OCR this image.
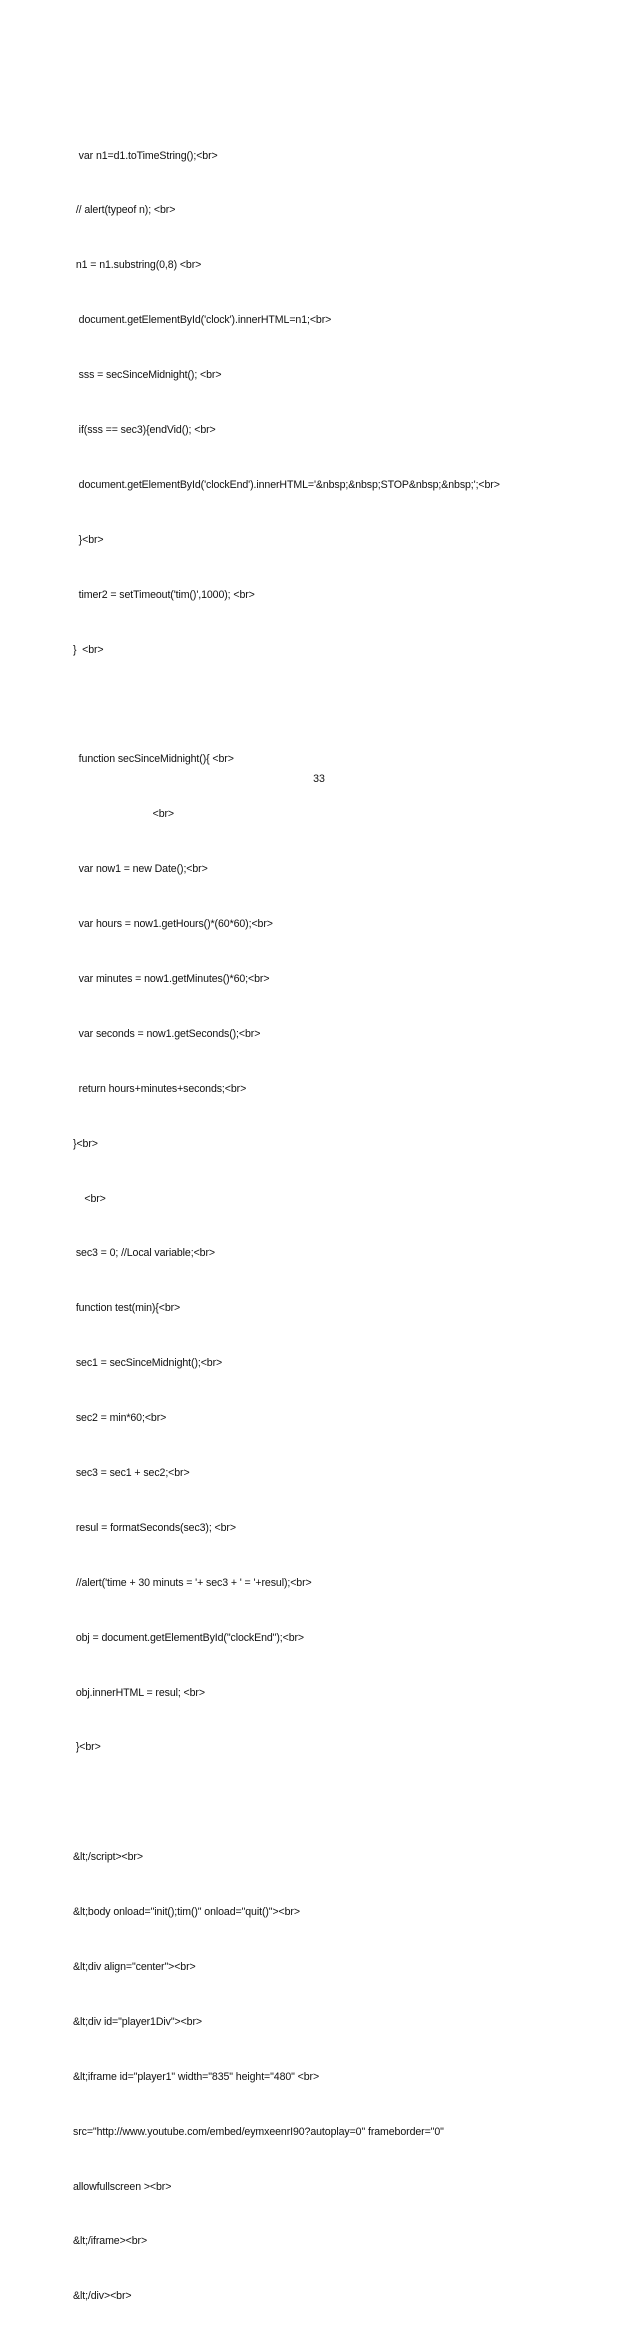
var n1=d1.toTimeString();<br>

// alert(typeof n); <br>

n1 = n1.substring(0,8) <br>

document.getElementById('clock').innerHTML=n1;<br>

sss = secSinceMidnight(); <br>

if(sss == sec3){endVid(); <br>

document.getElementById('clockEnd').innerHTML='&nbsp;&nbsp;STOP&nbsp;&nbsp;';<br>

}<br>

timer2 = setTimeout('tim()',1000); <br>

}  <br>

function secSinceMidnight(){ <br>

<br>

var now1 = new Date();<br>

var hours = now1.getHours()*(60*60);<br>

var minutes = now1.getMinutes()*60;<br>

var seconds = now1.getSeconds();<br>

return hours+minutes+seconds;<br>

}<br>

<br>

sec3 = 0; //Local variable;<br>

function test(min){<br>

sec1 = secSinceMidnight();<br>

sec2 = min*60;<br>

sec3 = sec1 + sec2;<br>

resul = formatSeconds(sec3); <br>

//alert('time + 30 minuts = '+ sec3 + ' = '+resul);<br>

obj = document.getElementById("clockEnd");<br>

obj.innerHTML = resul; <br>

}<br>

&lt;/script><br>

&lt;body onload="init();tim()" onload="quit()"><br>

&lt;div align="center"><br>

&lt;div id="player1Div"><br>

&lt;iframe id="player1" width="835" height="480" <br>

src="http://www.youtube.com/embed/eymxeenrI90?autoplay=0" frameborder="0"

allowfullscreen ><br>

&lt;/iframe><br>

&lt;/div><br>

33
